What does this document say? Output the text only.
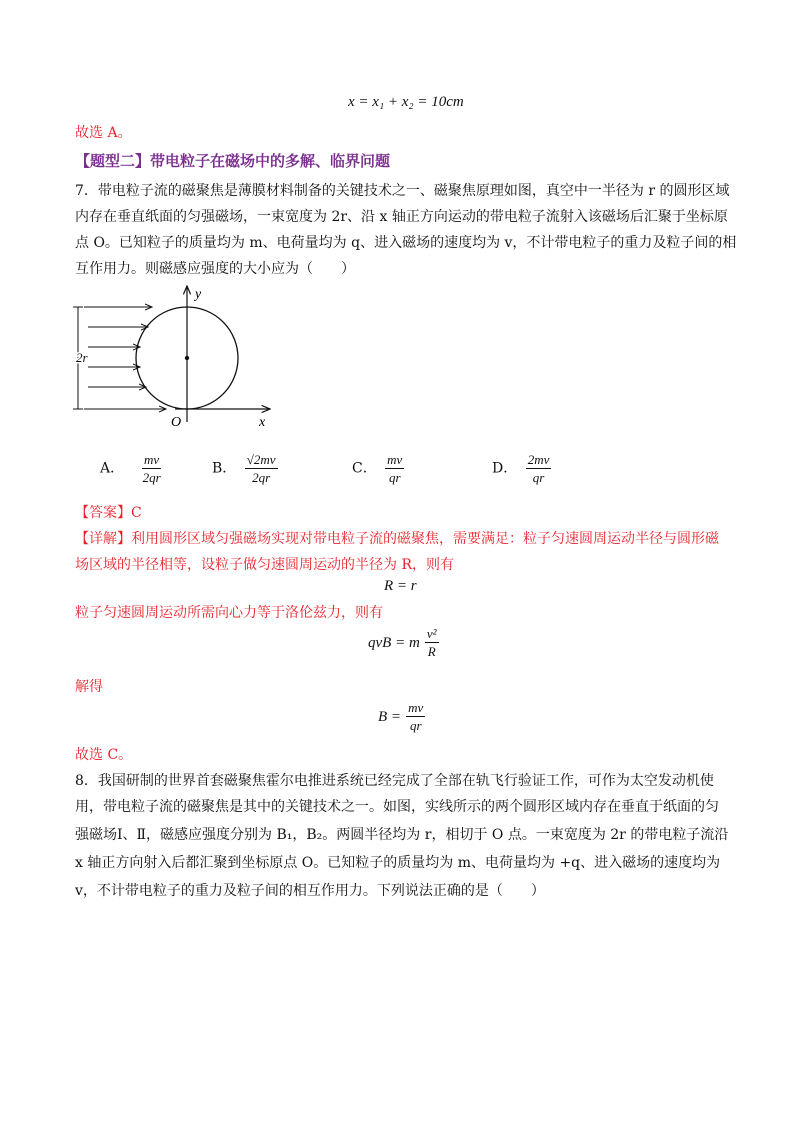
x = x₁ + x₂ = 10cm
故选 A。
【题型二】带电粒子在磁场中的多解、临界问题
7．带电粒子流的磁聚焦是薄膜材料制备的关键技术之一、磁聚焦原理如图，真空中一半径为 r 的圆形区域
内存在垂直纸面的匀强磁场，一束宽度为 2r、沿 x 轴正方向运动的带电粒子流射入该磁场后汇聚于坐标原
点 O。已知粒子的质量均为 m、电荷量均为 q、进入磁场的速度均为 v，不计带电粒子的重力及粒子间的相
互作用力。则磁感应强度的大小应为（　　）
y
x
O
2r
A． $\frac{mv}{2qr}$	B． $\frac{√2mv}{2qr}$	C． $\frac{mv}{qr}$	D． $\frac{2mv}{qr}$
【答案】C
【详解】利用圆形区域匀强磁场实现对带电粒子流的磁聚焦，需要满足：粒子匀速圆周运动半径与圆形磁
场区域的半径相等，设粒子做匀速圆周运动的半径为 R，则有
R = r
粒子匀速圆周运动所需向心力等于洛伦兹力，则有
qvB = m $\frac{\text{v²}}{R}$
解得
$B = \frac{mv}{qr}$
故选 C。
8．我国研制的世界首套磁聚焦霍尔电推进系统已经完成了全部在轨飞行验证工作，可作为太空发动机使
用，带电粒子流的磁聚焦是其中的关键技术之一。如图，实线所示的两个圆形区域内存在垂直于纸面的匀
强磁场Ⅰ、Ⅱ，磁感应强度分别为 B₁，B₂。两圆半径均为 r，相切于 O 点。一束宽度为 2r 的带电粒子流沿
x 轴正方向射入后都汇聚到坐标原点 O。已知粒子的质量均为 m、电荷量均为 +q、进入磁场的速度均为
v，不计带电粒子的重力及粒子间的相互作用力。下列说法正确的是（　　）
